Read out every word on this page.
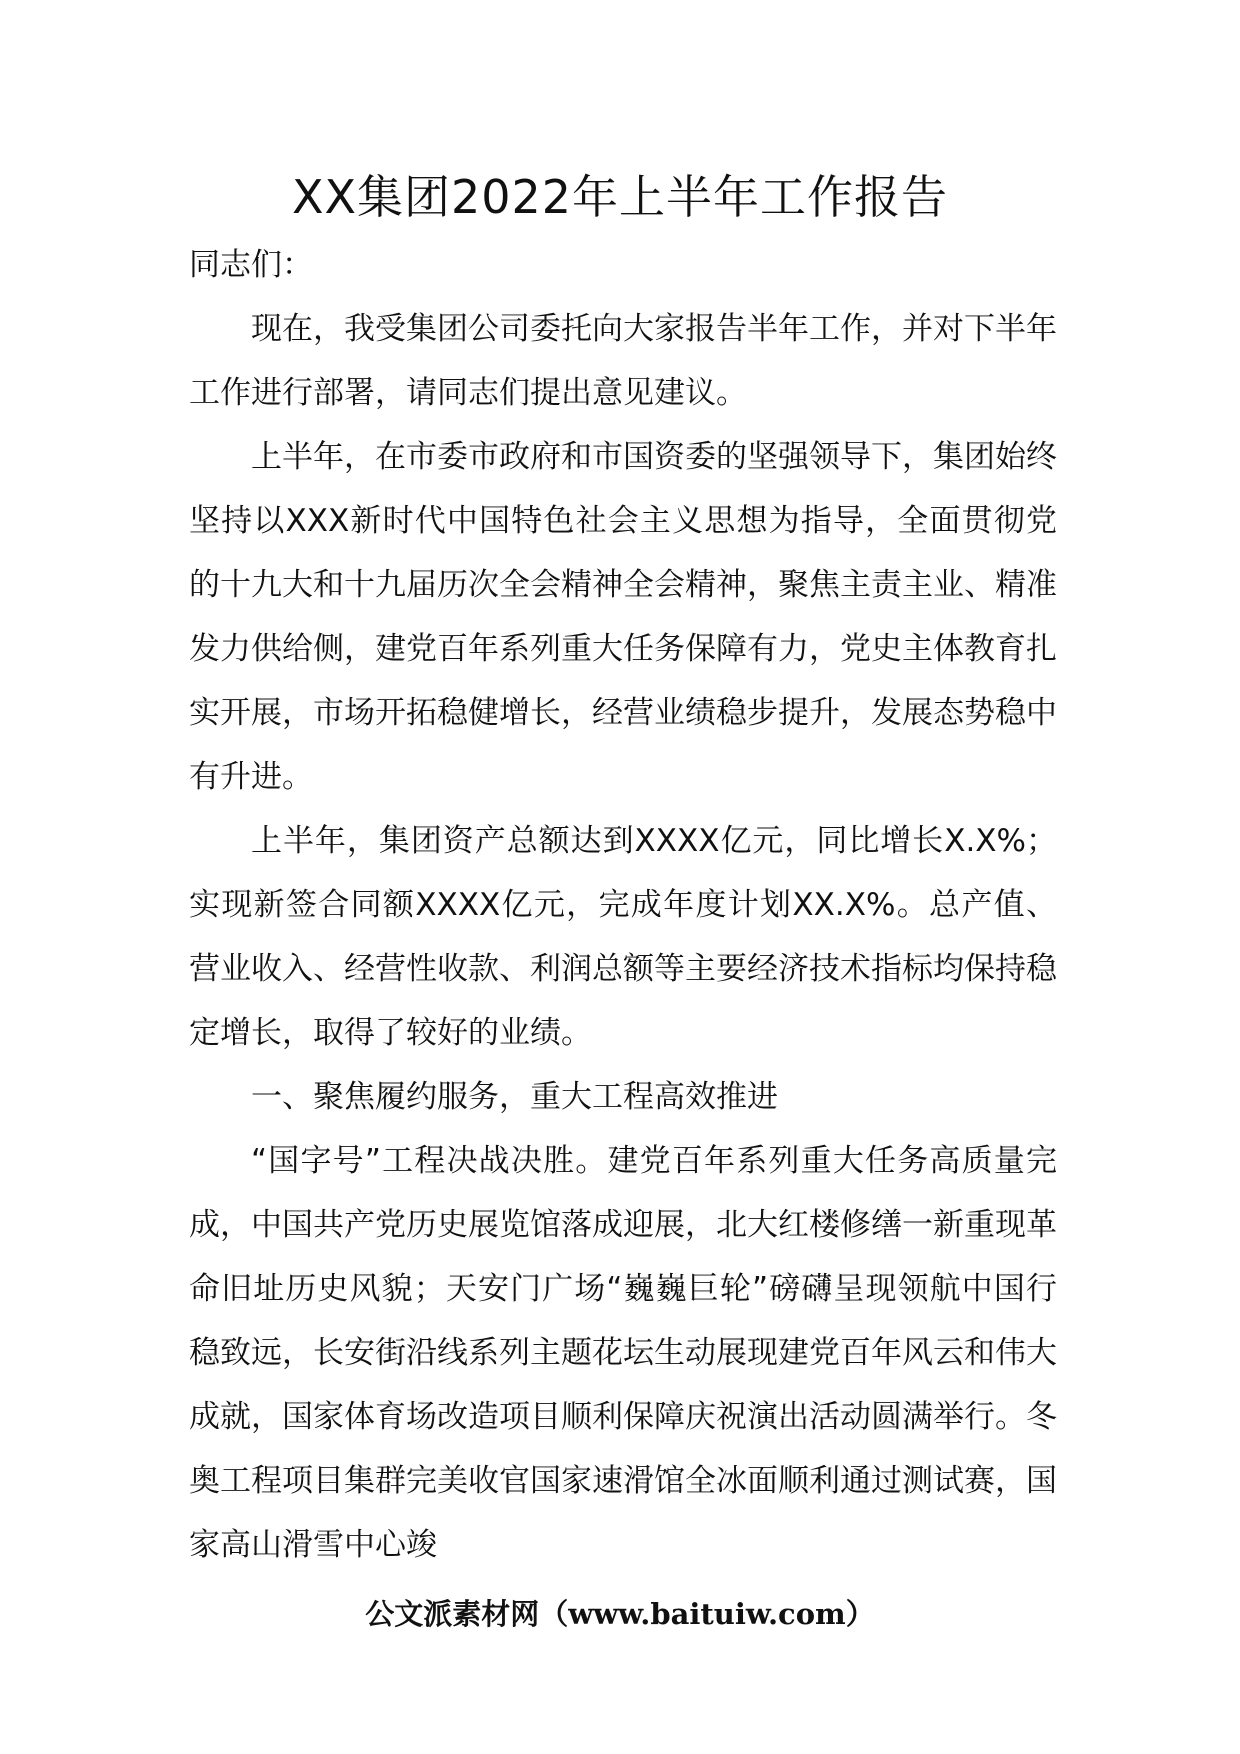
XX集团2022年上半年工作报告
同志们：

现在，我受集团公司委托向大家报告半年工作，并对下半年工作进行部署，请同志们提出意见建议。

上半年，在市委市政府和市国资委的坚强领导下，集团始终坚持以XXX新时代中国特色社会主义思想为指导，全面贯彻党的十九大和十九届历次全会精神全会精神，聚焦主责主业、精准发力供给侧，建党百年系列重大任务保障有力，党史主体教育扎实开展，市场开拓稳健增长，经营业绩稳步提升，发展态势稳中有升进。

上半年，集团资产总额达到XXXX亿元，同比增长X.X%；实现新签合同额XXXX亿元，完成年度计划XX.X%。总产值、营业收入、经营性收款、利润总额等主要经济技术指标均保持稳定增长，取得了较好的业绩。

一、聚焦履约服务，重大工程高效推进

“国字号”工程决战决胜。建党百年系列重大任务高质量完成，中国共产党历史展览馆落成迎展，北大红楼修缮一新重现革命旧址历史风貌；天安门广场“巍巍巨轮”磅礴呈现领航中国行稳致远，长安街沿线系列主题花坛生动展现建党百年风云和伟大成就，国家体育场改造项目顺利保障庆祝演出活动圆满举行。冬奥工程项目集群完美收官国家速滑馆全冰面顺利通过测试赛，国家高山滑雪中心竣

公文派素材网（www.baituiw.com）
